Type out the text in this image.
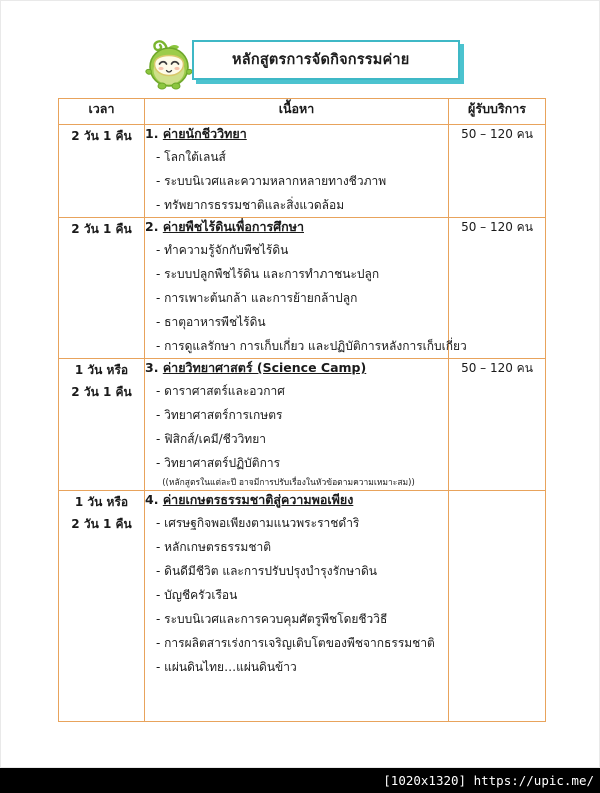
หลักสูตรการจัดกิจกรรมค่าย
เวลา	เนื้อหา	ผู้รับบริการ

2 วัน 1 คืน	1. ค่ายนักชีววิทยา
- โลกใต้เลนส์
- ระบบนิเวศและความหลากหลายทางชีวภาพ
- ทรัพยากรธรรมชาติและสิ่งแวดล้อม	50 – 120 คน

2 วัน 1 คืน	2. ค่ายพืชไร้ดินเพื่อการศึกษา
- ทำความรู้จักกับพืชไร้ดิน
- ระบบปลูกพืชไร้ดิน และการทำภาชนะปลูก
- การเพาะต้นกล้า และการย้ายกล้าปลูก
- ธาตุอาหารพืชไร้ดิน
- การดูแลรักษา การเก็บเกี่ยว และปฏิบัติการหลังการเก็บเกี่ยว
	50 – 120 คน

1 วัน หรือ
2 วัน 1 คืน

3. ค่ายวิทยาศาสตร์ (Science Camp)
- ดาราศาสตร์และอวกาศ
- วิทยาศาสตร์การเกษตร
- ฟิสิกส์/เคมี/ชีววิทยา
- วิทยาศาสตร์ปฏิบัติการ
((หลักสูตรในแต่ละปี อาจมีการปรับเรื่องในหัวข้อตามความเหมาะสม))
	50 – 120 คน

1 วัน หรือ
2 วัน 1 คืน

4. ค่ายเกษตรธรรมชาติสู่ความพอเพียง
- เศรษฐกิจพอเพียงตามแนวพระราชดำริ
- หลักเกษตรธรรมชาติ
- ดินดีมีชีวิต และการปรับปรุงบำรุงรักษาดิน
- บัญชีครัวเรือน
- ระบบนิเวศและการควบคุมศัตรูพืชโดยชีววิธี
- การผลิตสารเร่งการเจริญเติบโตของพืชจากธรรมชาติ
- แผ่นดินไทย…แผ่นดินข้าว

[1020x1320] https://upic.me/
